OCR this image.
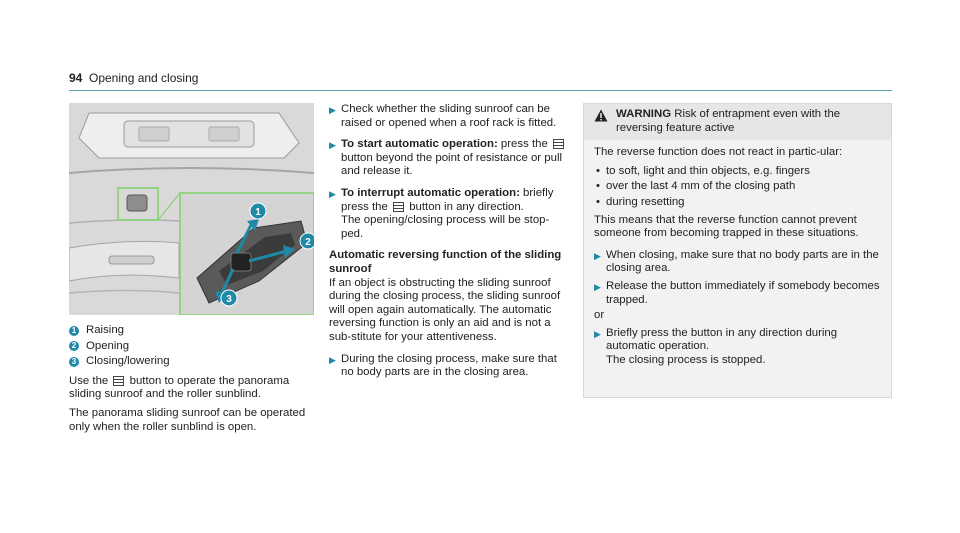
94 Opening and closing
1
2
3
1 Raising
2 Opening
3 Closing/lowering

Use the button to operate the panorama sliding sunroof and the roller sunblind.

The panorama sliding sunroof can be operated only when the roller sunblind is open.

▶ Check whether the sliding sunroof can be raised or opened when a roof rack is fitted.
▶ To start automatic operation: press the  button beyond the point of resistance or pull and release it.
▶ To interrupt automatic operation: briefly press the button in any direction.
The opening/closing process will be stop-ped.
Automatic reversing function of the sliding sunroof

If an object is obstructing the sliding sunroof during the closing process, the sliding sunroof will open again automatically. The automatic reversing function is only an aid and is not a sub-stitute for your attentiveness.

▶ During the closing process, make sure that no body parts are in the closing area.
WARNING Risk of entrapment even with the reversing feature active

The reverse function does not react in partic-ular:

• to soft, light and thin objects, e.g. fingers
• over the last 4 mm of the closing path
• during resetting

This means that the reverse function cannot prevent someone from becoming trapped in these situations.

▶ When closing, make sure that no body parts are in the closing area.
▶ Release the button immediately if somebody becomes trapped.

or

▶ Briefly press the button in any direction during automatic operation.
The closing process is stopped.
